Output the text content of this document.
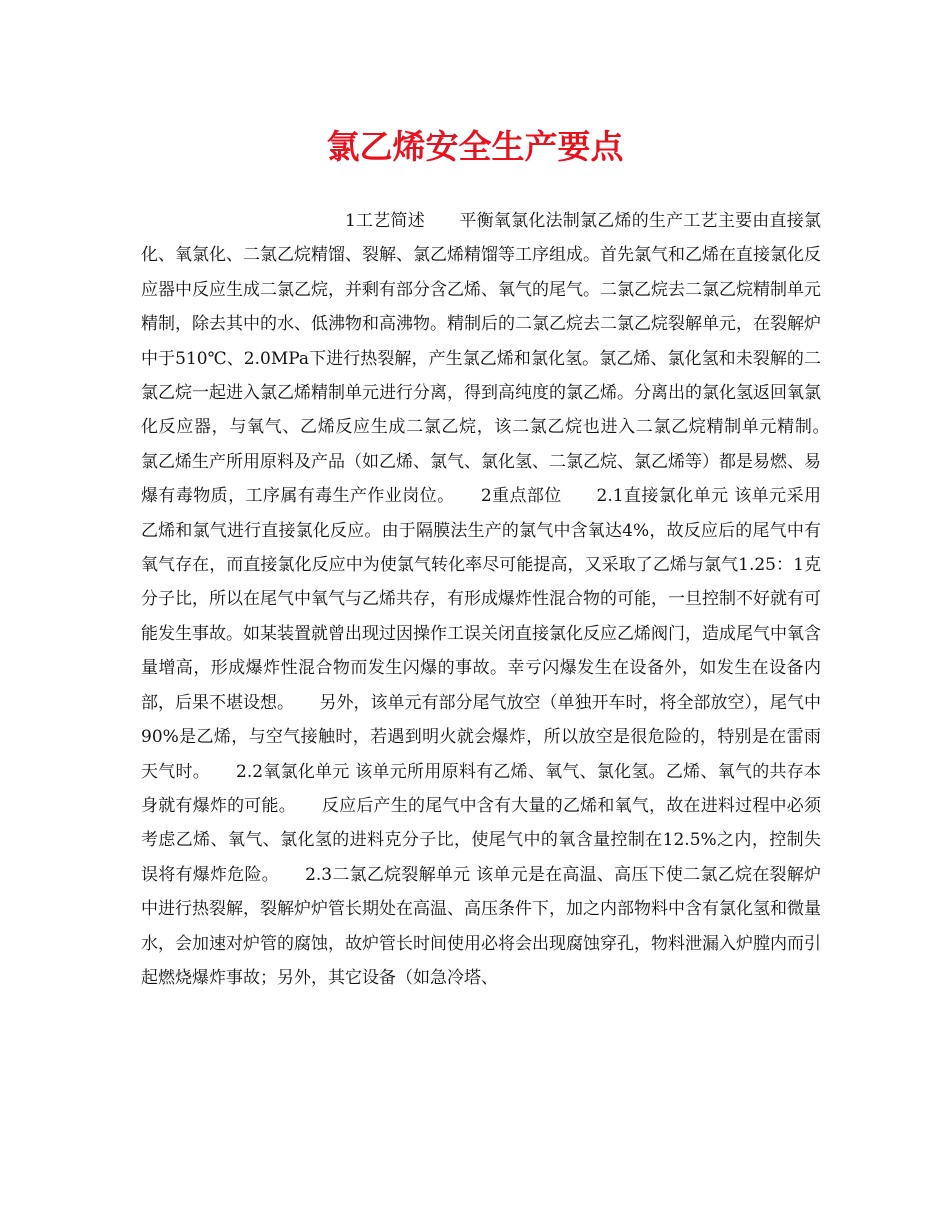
氯乙烯安全生产要点

1工艺简述　　平衡氧氯化法制氯乙烯的生产工艺主要由直接氯化、氧氯化、二氯乙烷精馏、裂解、氯乙烯精馏等工序组成。首先氯气和乙烯在直接氯化反应器中反应生成二氯乙烷，并剩有部分含乙烯、氧气的尾气。二氯乙烷去二氯乙烷精制单元精制，除去其中的水、低沸物和高沸物。精制后的二氯乙烷去二氯乙烷裂解单元，在裂解炉中于510℃、2.0MPa下进行热裂解，产生氯乙烯和氯化氢。氯乙烯、氯化氢和未裂解的二氯乙烷一起进入氯乙烯精制单元进行分离，得到高纯度的氯乙烯。分离出的氯化氢返回氧氯化反应器，与氧气、乙烯反应生成二氯乙烷，该二氯乙烷也进入二氯乙烷精制单元精制。　　氯乙烯生产所用原料及产品（如乙烯、氯气、氯化氢、二氯乙烷、氯乙烯等）都是易燃、易爆有毒物质，工序属有毒生产作业岗位。　　2重点部位　　2.1直接氯化单元 该单元采用乙烯和氯气进行直接氯化反应。由于隔膜法生产的氯气中含氧达4%，故反应后的尾气中有氧气存在，而直接氯化反应中为使氯气转化率尽可能提高，又采取了乙烯与氯气1.25：1克分子比，所以在尾气中氧气与乙烯共存，有形成爆炸性混合物的可能，一旦控制不好就有可能发生事故。如某装置就曾出现过因操作工误关闭直接氯化反应乙烯阀门，造成尾气中氧含量增高，形成爆炸性混合物而发生闪爆的事故。幸亏闪爆发生在设备外，如发生在设备内部，后果不堪设想。　　另外，该单元有部分尾气放空（单独开车时，将全部放空），尾气中90%是乙烯，与空气接触时，若遇到明火就会爆炸，所以放空是很危险的，特别是在雷雨天气时。　　2.2氧氯化单元 该单元所用原料有乙烯、氧气、氯化氢。乙烯、氧气的共存本身就有爆炸的可能。　　反应后产生的尾气中含有大量的乙烯和氧气，故在进料过程中必须考虑乙烯、氧气、氯化氢的进料克分子比，使尾气中的氧含量控制在12.5%之内，控制失误将有爆炸危险。　　2.3二氯乙烷裂解单元 该单元是在高温、高压下使二氯乙烷在裂解炉中进行热裂解，裂解炉炉管长期处在高温、高压条件下，加之内部物料中含有氯化氢和微量水，会加速对炉管的腐蚀，故炉管长时间使用必将会出现腐蚀穿孔，物料泄漏入炉膛内而引起燃烧爆炸事故；另外，其它设备（如急冷塔、
